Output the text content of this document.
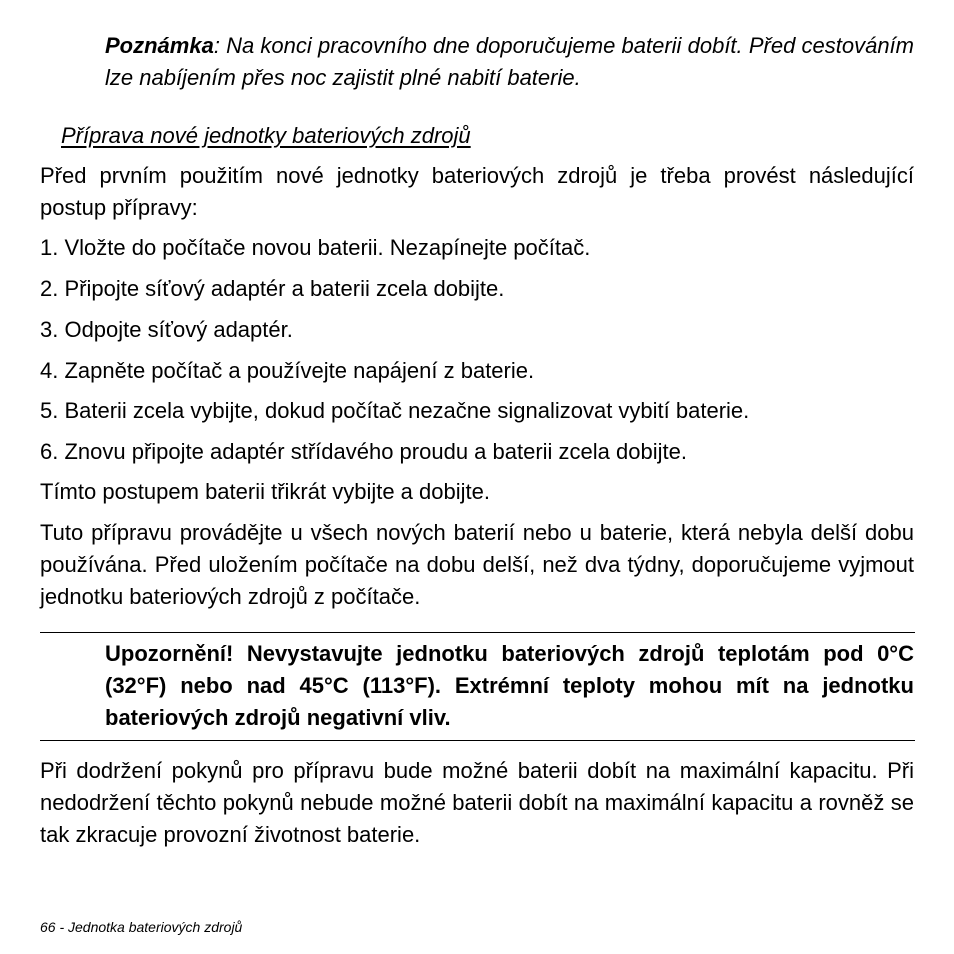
Poznámka: Na konci pracovního dne doporučujeme baterii dobít. Před cestováním lze nabíjením přes noc zajistit plné nabití baterie.
Příprava nové jednotky bateriových zdrojů
Před prvním použitím nové jednotky bateriových zdrojů je třeba provést následující postup přípravy:
1. Vložte do počítače novou baterii. Nezapínejte počítač.
2. Připojte síťový adaptér a baterii zcela dobijte.
3. Odpojte síťový adaptér.
4. Zapněte počítač a používejte napájení z baterie.
5. Baterii zcela vybijte, dokud počítač nezačne signalizovat vybití baterie.
6. Znovu připojte adaptér střídavého proudu a baterii zcela dobijte.
Tímto postupem baterii třikrát vybijte a dobijte.
Tuto přípravu provádějte u všech nových baterií nebo u baterie, která nebyla delší dobu používána. Před uložením počítače na dobu delší, než dva týdny, doporučujeme vyjmout jednotku bateriových zdrojů z počítače.
Upozornění! Nevystavujte jednotku bateriových zdrojů teplotám pod 0°C (32°F) nebo nad 45°C (113°F). Extrémní teploty mohou mít na jednotku bateriových zdrojů negativní vliv.
Při dodržení pokynů pro přípravu bude možné baterii dobít na maximální kapacitu. Při nedodržení těchto pokynů nebude možné baterii dobít na maximální kapacitu a rovněž se tak zkracuje provozní životnost baterie.
66 - Jednotka bateriových zdrojů
